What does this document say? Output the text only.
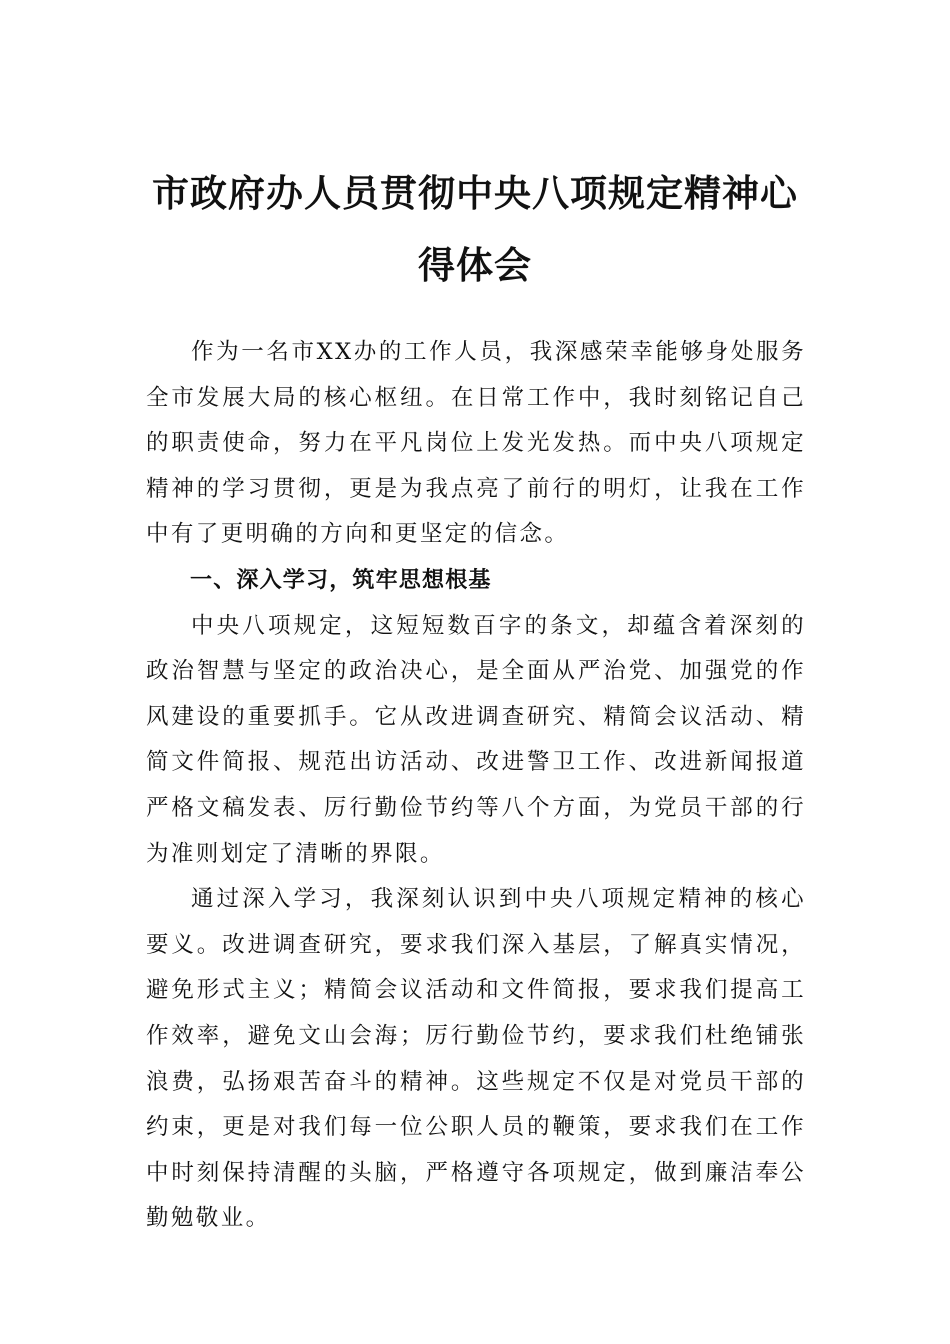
市政府办人员贯彻中央八项规定精神心得体会

作为一名市XX办的工作人员，我深感荣幸能够身处服务全市发展大局的核心枢纽。在日常工作中，我时刻铭记自己的职责使命，努力在平凡岗位上发光发热。而中央八项规定精神的学习贯彻，更是为我点亮了前行的明灯，让我在工作中有了更明确的方向和更坚定的信念。

一、深入学习，筑牢思想根基

中央八项规定，这短短数百字的条文，却蕴含着深刻的政治智慧与坚定的政治决心，是全面从严治党、加强党的作风建设的重要抓手。它从改进调查研究、精简会议活动、精简文件简报、规范出访活动、改进警卫工作、改进新闻报道严格文稿发表、厉行勤俭节约等八个方面，为党员干部的行为准则划定了清晰的界限。

通过深入学习，我深刻认识到中央八项规定精神的核心要义。改进调查研究，要求我们深入基层，了解真实情况，避免形式主义；精简会议活动和文件简报，要求我们提高工作效率，避免文山会海；厉行勤俭节约，要求我们杜绝铺张浪费，弘扬艰苦奋斗的精神。这些规定不仅是对党员干部的约束，更是对我们每一位公职人员的鞭策，要求我们在工作中时刻保持清醒的头脑，严格遵守各项规定，做到廉洁奉公勤勉敬业。
